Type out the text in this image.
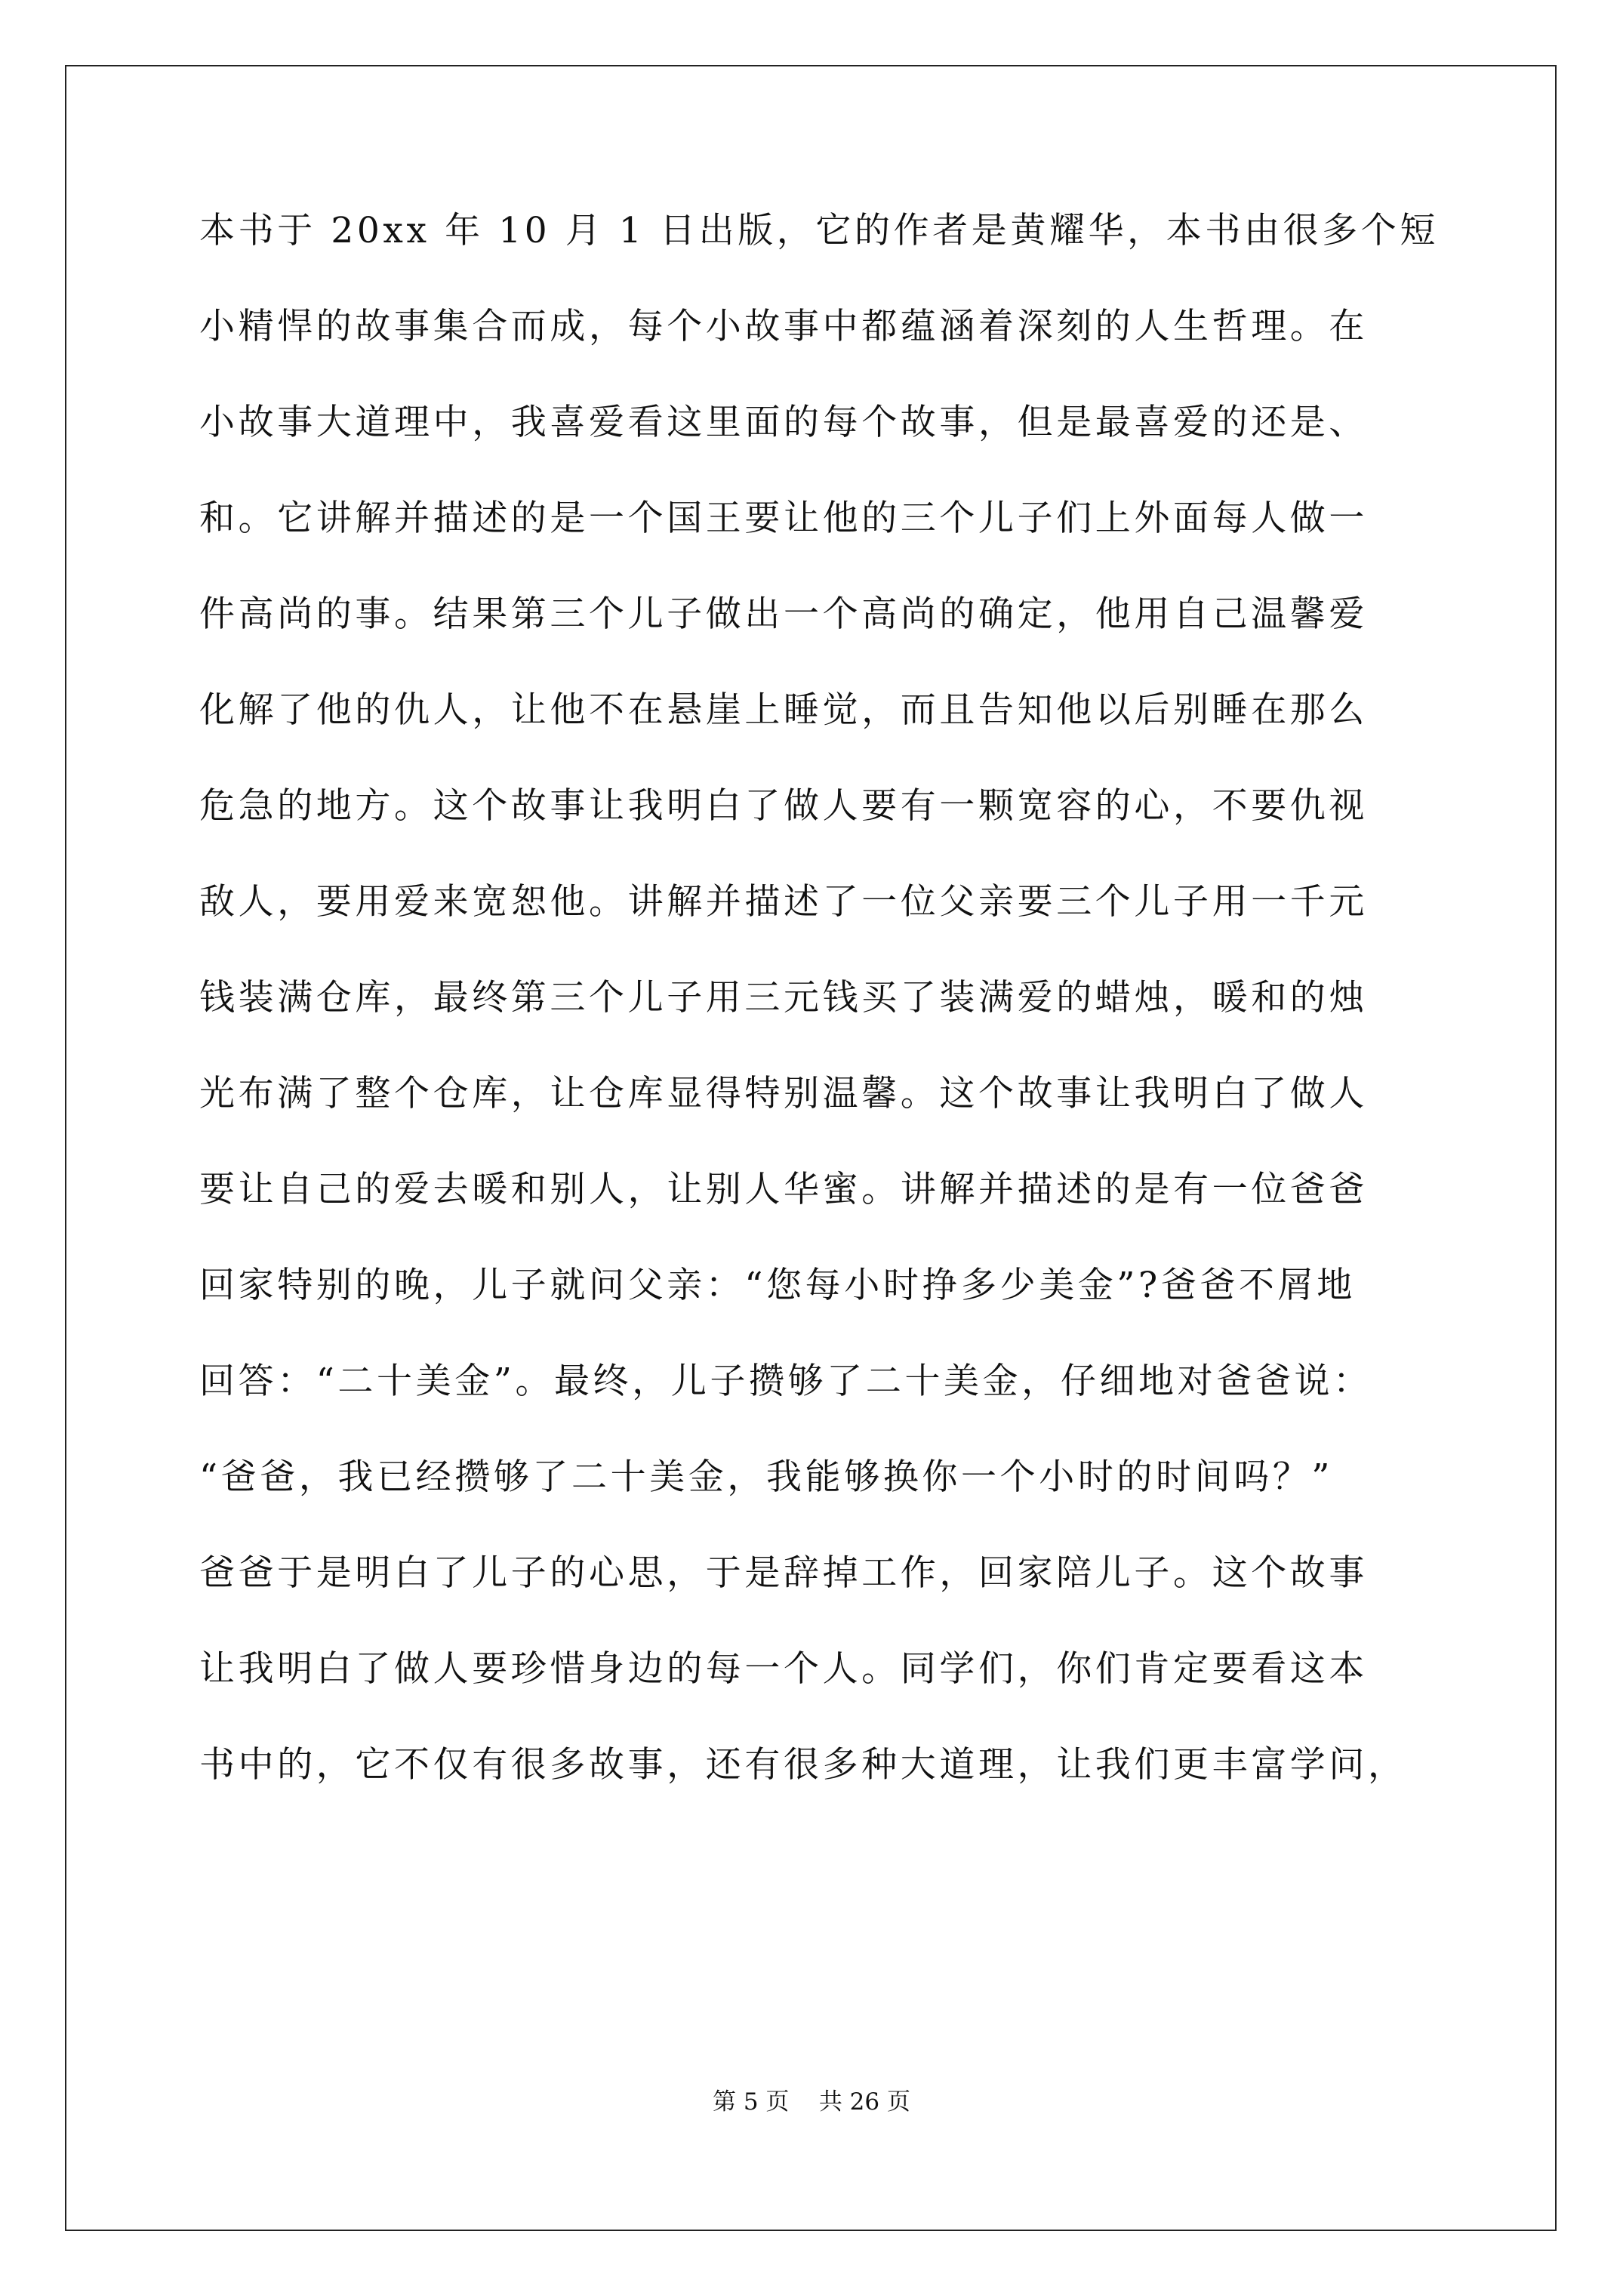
本书于 20xx 年 10 月 1 日出版，它的作者是黄耀华，本书由很多个短
小精悍的故事集合而成，每个小故事中都蕴涵着深刻的人生哲理。在
小故事大道理中，我喜爱看这里面的每个故事，但是最喜爱的还是、
和。它讲解并描述的是一个国王要让他的三个儿子们上外面每人做一
件高尚的事。结果第三个儿子做出一个高尚的确定，他用自己温馨爱
化解了他的仇人，让他不在悬崖上睡觉，而且告知他以后别睡在那么
危急的地方。这个故事让我明白了做人要有一颗宽容的心，不要仇视
敌人，要用爱来宽恕他。讲解并描述了一位父亲要三个儿子用一千元
钱装满仓库，最终第三个儿子用三元钱买了装满爱的蜡烛，暖和的烛
光布满了整个仓库，让仓库显得特别温馨。这个故事让我明白了做人
要让自己的爱去暖和别人，让别人华蜜。讲解并描述的是有一位爸爸
回家特别的晚，儿子就问父亲：“您每小时挣多少美金”?爸爸不屑地
回答：“二十美金”。最终，儿子攒够了二十美金，仔细地对爸爸说：
“爸爸，我已经攒够了二十美金，我能够换你一个小时的时间吗？”
爸爸于是明白了儿子的心思，于是辞掉工作，回家陪儿子。这个故事
让我明白了做人要珍惜身边的每一个人。同学们，你们肯定要看这本
书中的，它不仅有很多故事，还有很多种大道理，让我们更丰富学问，
第 5 页    共 26 页
